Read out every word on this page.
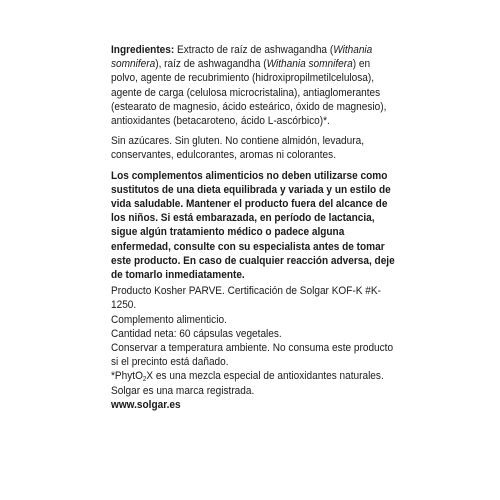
Ingredientes: Extracto de raíz de ashwagandha (Withania somnifera), raíz de ashwagandha (Withania somnifera) en polvo, agente de recubrimiento (hidroxipropilmetilcelulosa), agente de carga (celulosa microcristalina), antiaglomerantes (estearato de magnesio, ácido esteárico, óxido de magnesio), antioxidantes (betacaroteno, ácido L-ascórbico)*.

Sin azúcares. Sin gluten. No contiene almidón, levadura, conservantes, edulcorantes, aromas ni colorantes.

Los complementos alimenticios no deben utilizarse como sustitutos de una dieta equilibrada y variada y un estilo de vida saludable. Mantener el producto fuera del alcance de los niños. Si está embarazada, en período de lactancia, sigue algún tratamiento médico o padece alguna enfermedad, consulte con su especialista antes de tomar este producto. En caso de cualquier reacción adversa, deje de tomarlo inmediatamente.

Producto Kosher PARVE. Certificación de Solgar KOF-K #K-1250.

Complemento alimenticio.

Cantidad neta: 60 cápsulas vegetales.

Conservar a temperatura ambiente. No consuma este producto si el precinto está dañado.

*PhytO$_2$X es una mezcla especial de antioxidantes naturales.

Solgar es una marca registrada.

www.solgar.es
